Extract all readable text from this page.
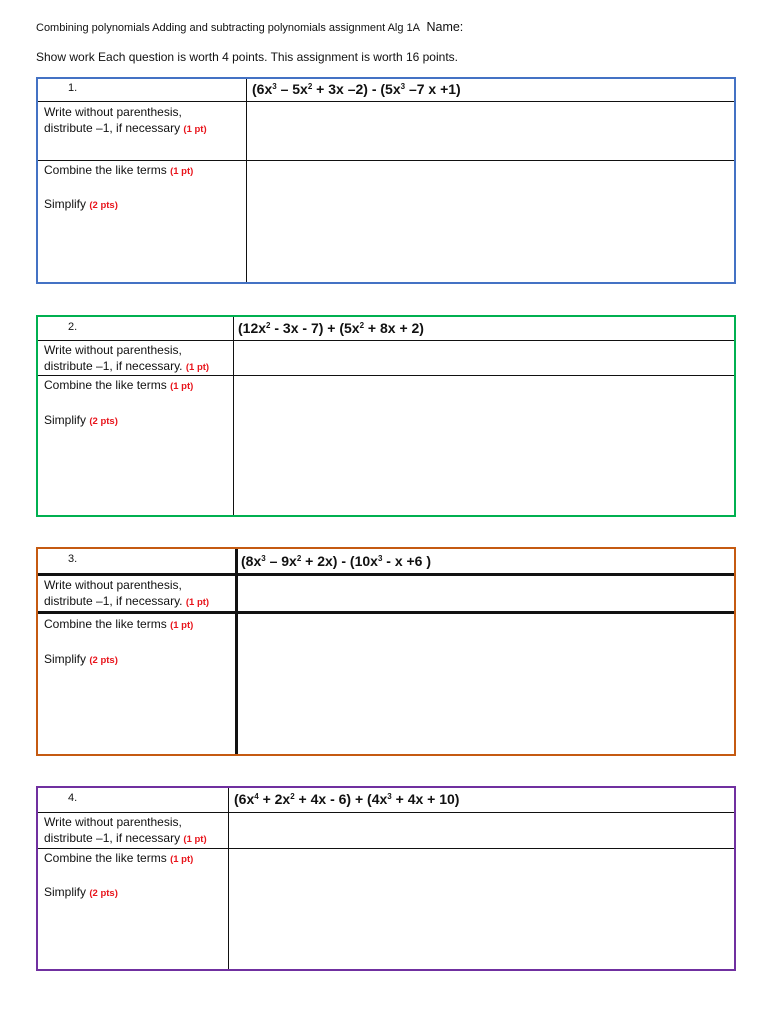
Combining polynomials Adding and subtracting polynomials assignment Alg 1A Name:
Show work Each question is worth 4 points. This assignment is worth 16 points.
1.	($6x^3 - 5x^2 + 3x$ $-2) - (5x^3$ –7 x +1)
Write without parenthesis,
distribute –1, if necessary (1 pt)
Combine the like terms (1 pt)
Simplify (2 pts)
2.	$(12x^2 - 3x - 7) + (5x^2 + 8x + 2)$
Write without parenthesis,
distribute –1, if necessary. (1 pt)
Combine the like terms (1 pt)
Simplify (2 pts)
3.	$(8x^3 - 9x^2 + 2x) - (10x^3 - x +6$ )
Write without parenthesis,
distribute –1, if necessary. (1 pt)
Combine the like terms (1 pt)
Simplify (2 pts)
4.	$(6x^4 + 2x^2 + 4x - 6) + (4x^3 + 4x + 10)$
Write without parenthesis,
distribute –1, if necessary (1 pt)
Combine the like terms (1 pt)
Simplify (2 pts)
